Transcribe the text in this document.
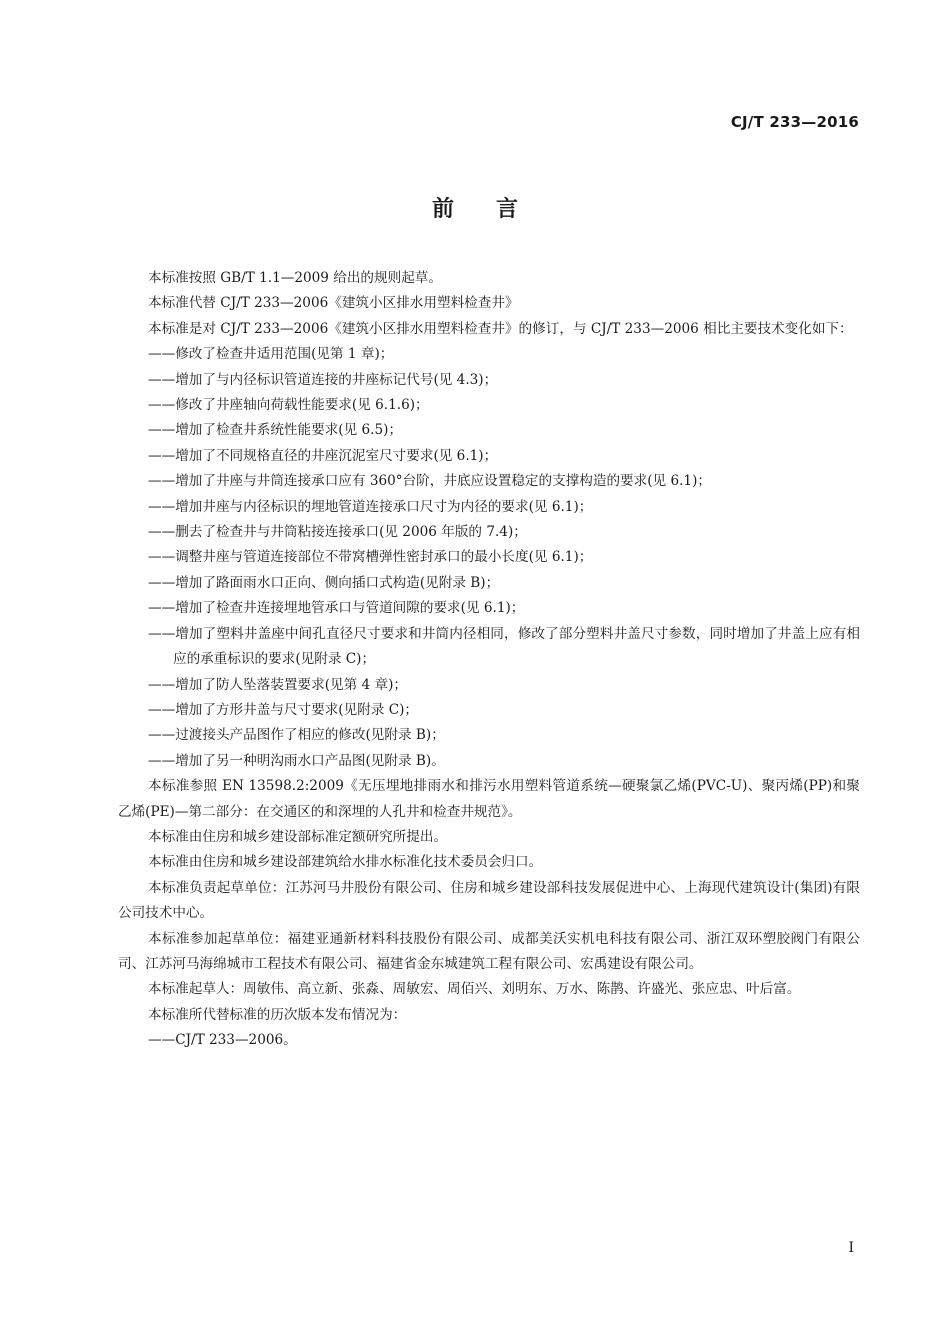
CJ/T 233—2016
前言

本标准按照 GB/T 1.1—2009 给出的规则起草。

本标准代替 CJ/T 233—2006《建筑小区排水用塑料检查井》

本标准是对 CJ/T 233—2006《建筑小区排水用塑料检查井》的修订，与 CJ/T 233—2006 相比主要技术变化如下：

——修改了检查井适用范围(见第 1 章)；

——增加了与内径标识管道连接的井座标记代号(见 4.3)；

——修改了井座轴向荷载性能要求(见 6.1.6)；

——增加了检查井系统性能要求(见 6.5)；

——增加了不同规格直径的井座沉泥室尺寸要求(见 6.1)；

——增加了井座与井筒连接承口应有 360°台阶，井底应设置稳定的支撑构造的要求(见 6.1)；

——增加井座与内径标识的埋地管道连接承口尺寸为内径的要求(见 6.1)；

——删去了检查井与井筒粘接连接承口(见 2006 年版的 7.4)；

——调整井座与管道连接部位不带窝槽弹性密封承口的最小长度(见 6.1)；

——增加了路面雨水口正向、侧向插口式构造(见附录 B)；

——增加了检查井连接埋地管承口与管道间隙的要求(见 6.1)；

——增加了塑料井盖座中间孔直径尺寸要求和井筒内径相同，修改了部分塑料井盖尺寸参数，同时增加了井盖上应有相应的承重标识的要求(见附录 C)；

——增加了防人坠落装置要求(见第 4 章)；

——增加了方形井盖与尺寸要求(见附录 C)；

——过渡接头产品图作了相应的修改(见附录 B)；

——增加了另一种明沟雨水口产品图(见附录 B)。

本标准参照 EN 13598.2:2009《无压埋地排雨水和排污水用塑料管道系统—硬聚氯乙烯(PVC-U)、聚丙烯(PP)和聚乙烯(PE)—第二部分：在交通区的和深埋的人孔井和检查井规范》。

本标准由住房和城乡建设部标准定额研究所提出。

本标准由住房和城乡建设部建筑给水排水标准化技术委员会归口。

本标准负责起草单位：江苏河马井股份有限公司、住房和城乡建设部科技发展促进中心、上海现代建筑设计(集团)有限公司技术中心。

本标准参加起草单位：福建亚通新材料科技股份有限公司、成都美沃实机电科技有限公司、浙江双环塑胶阀门有限公司、江苏河马海绵城市工程技术有限公司、福建省金东城建筑工程有限公司、宏禹建设有限公司。

本标准起草人：周敏伟、高立新、张淼、周敏宏、周佰兴、刘明东、万水、陈鹊、许盛光、张应忠、叶后富。

本标准所代替标准的历次版本发布情况为：

——CJ/T 233—2006。

I
